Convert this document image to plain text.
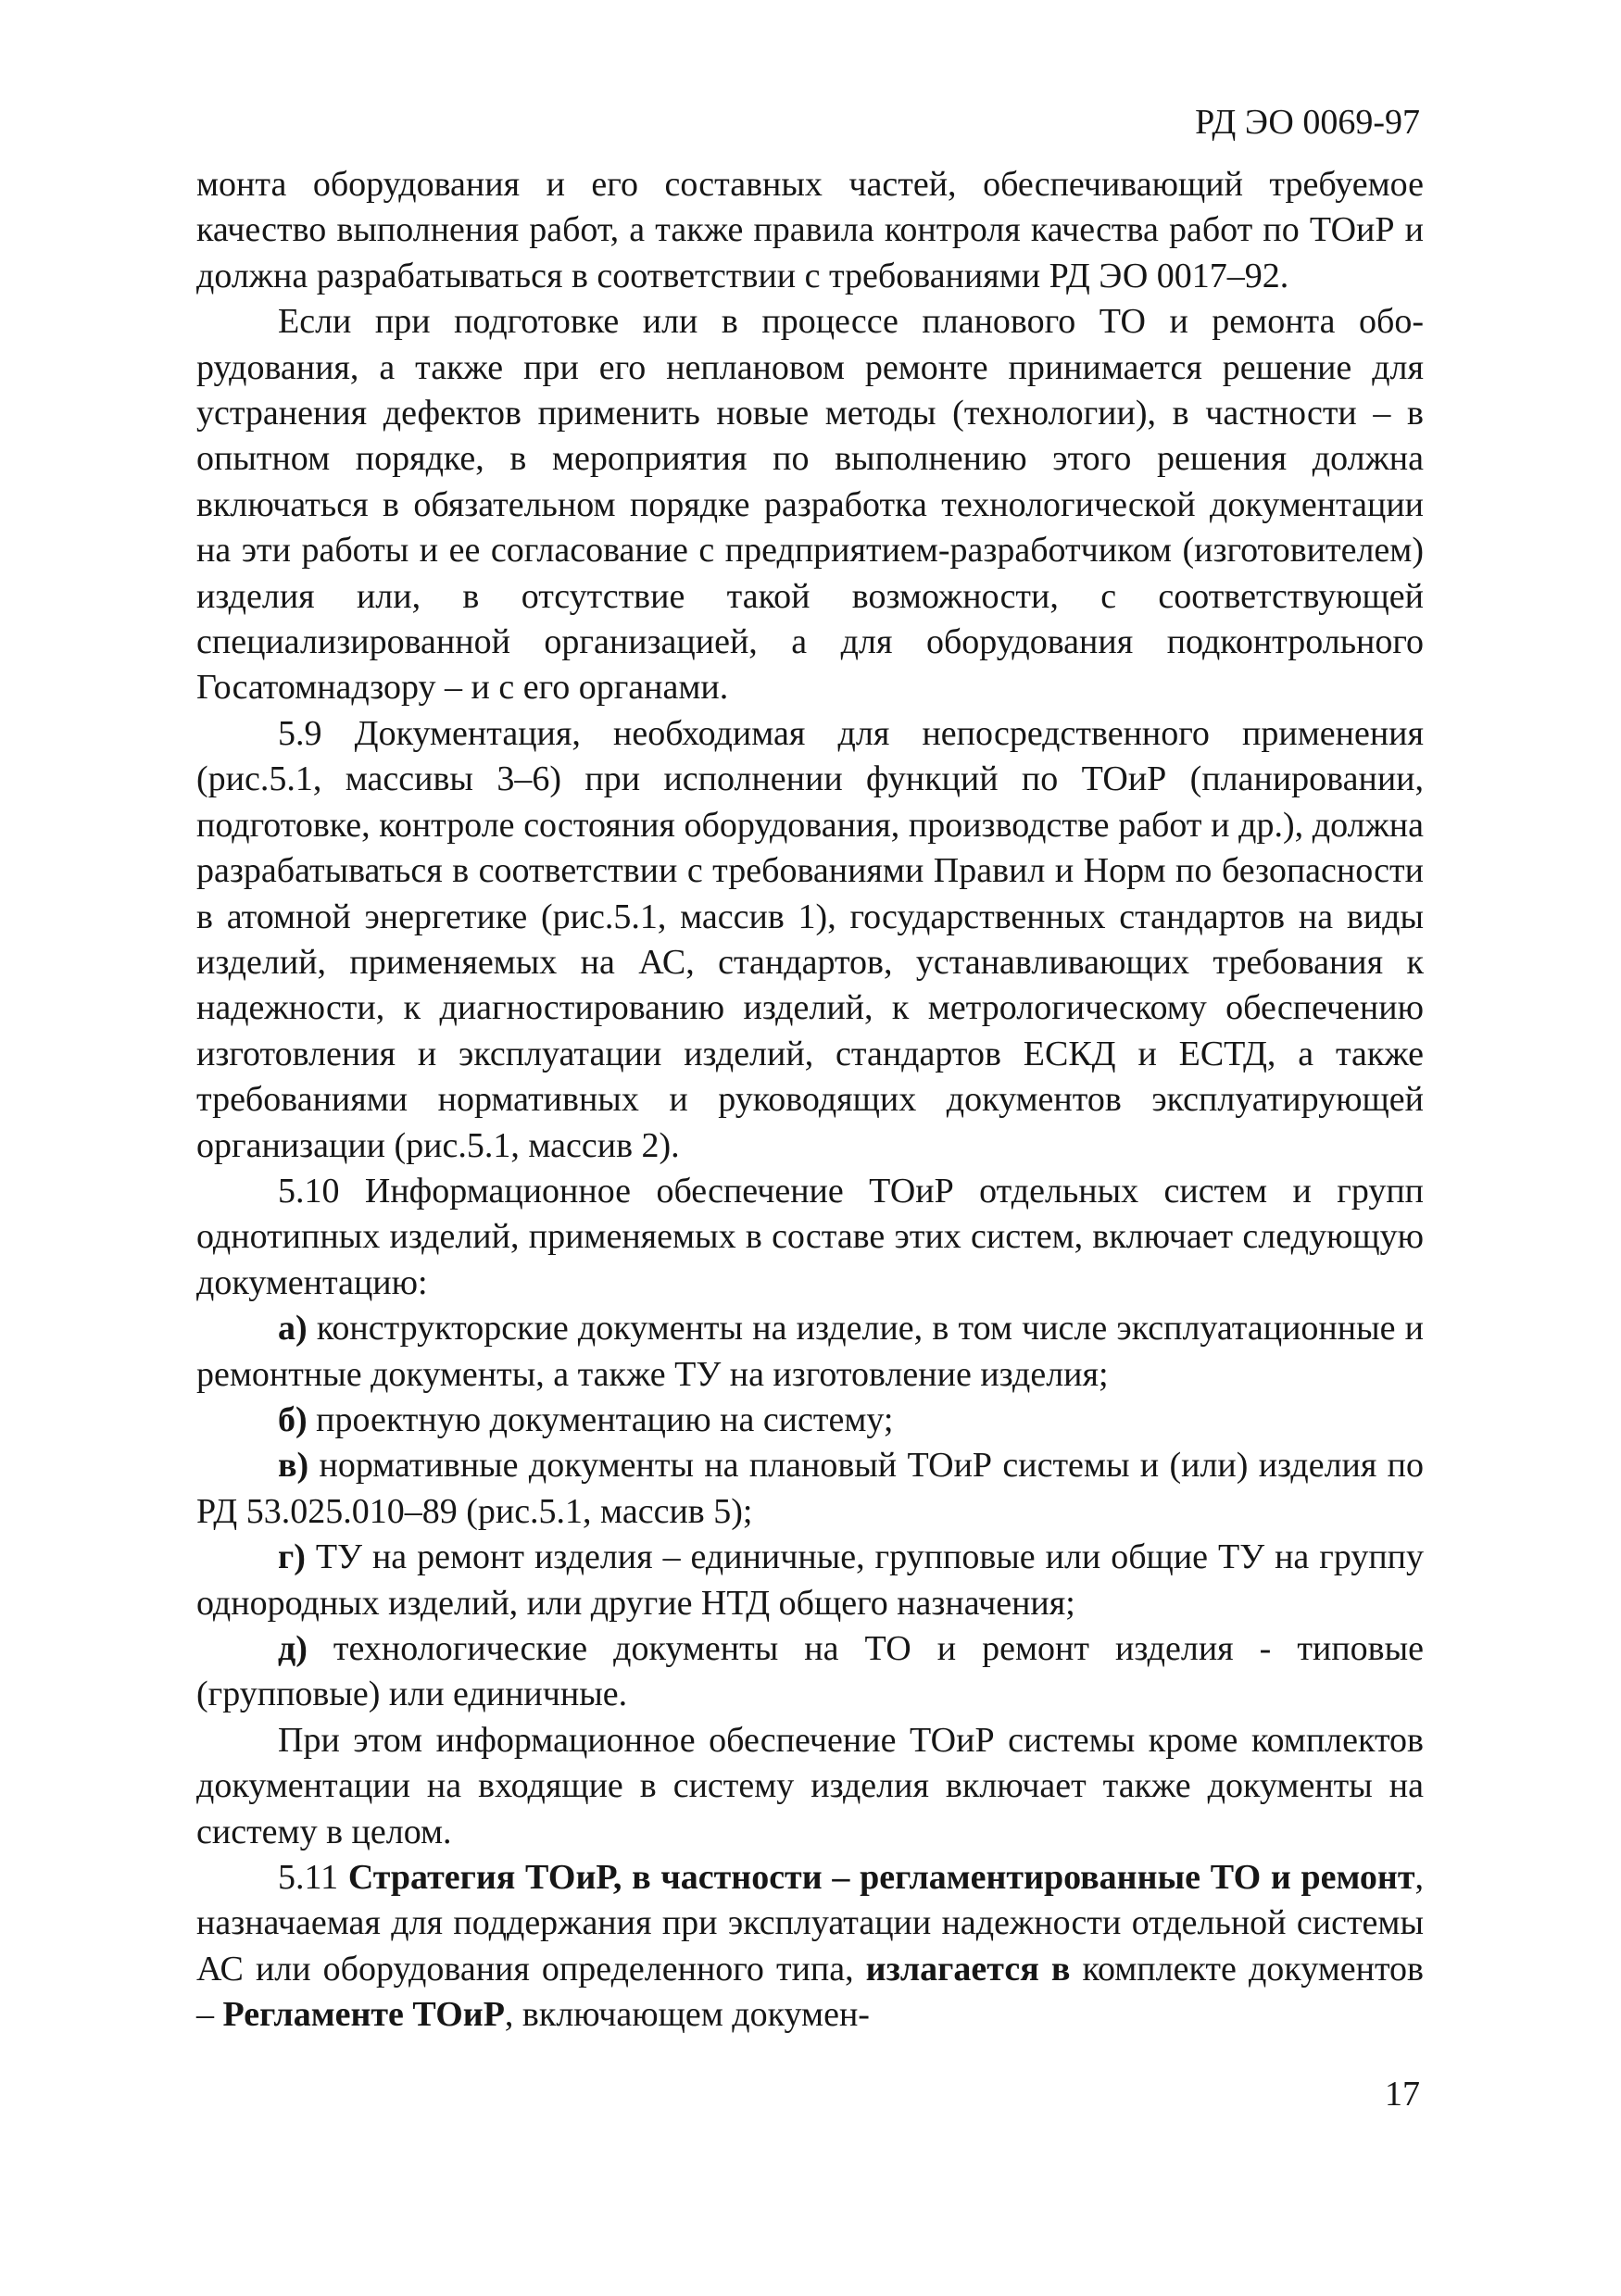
РД ЭО 0069-97

монта оборудования и его составных частей, обеспечивающий требуемое качество выполнения работ, а также правила контроля качества работ по ТОиР и должна разрабатываться в соответствии с требованиями РД ЭО 0017–92.

Если при подготовке или в процессе планового ТО и ремонта оборудования, а также при его неплановом ремонте принимается решение для устранения дефектов применить новые методы (технологии), в частности – в опытном порядке, в мероприятия по выполнению этого решения должна включаться в обязательном порядке разработка технологической документации на эти работы и ее согласование с предприятием-разработчиком (изготовителем) изделия или, в отсутствие такой возможности, с соответствующей специализированной организацией, а для оборудования подконтрольного Госатомнадзору – и с его органами.

5.9 Документация, необходимая для непосредственного применения (рис.5.1, массивы 3–6) при исполнении функций по ТОиР (планировании, подготовке, контроле состояния оборудования, производстве работ и др.), должна разрабатываться в соответствии с требованиями Правил и Норм по безопасности в атомной энергетике (рис.5.1, массив 1), государственных стандартов на виды изделий, применяемых на АС, стандартов, устанавливающих требования к надежности, к диагностированию изделий, к метрологическому обеспечению изготовления и эксплуатации изделий, стандартов ЕСКД и ЕСТД, а также требованиями нормативных и руководящих документов эксплуатирующей организации (рис.5.1, массив 2).

5.10 Информационное обеспечение ТОиР отдельных систем и групп однотипных изделий, применяемых в составе этих систем, включает следующую документацию:

а) конструкторские документы на изделие, в том числе эксплуатационные и ремонтные документы, а также ТУ на изготовление изделия;

б) проектную документацию на систему;

в) нормативные документы на плановый ТОиР системы и (или) изделия по РД 53.025.010–89 (рис.5.1, массив 5);

г) ТУ на ремонт изделия – единичные, групповые или общие ТУ на группу однородных изделий, или другие НТД общего назначения;

д) технологические документы на ТО и ремонт изделия - типовые (групповые) или единичные.

При этом информационное обеспечение ТОиР системы кроме комплектов документации на входящие в систему изделия включает также документы на систему в целом.

5.11 Стратегия ТОиР, в частности – регламентированные ТО и ремонт, назначаемая для поддержания при эксплуатации надежности отдельной системы АС или оборудования определенного типа, излагается в комплекте документов – Регламенте ТОиР, включающем докумен-

17
